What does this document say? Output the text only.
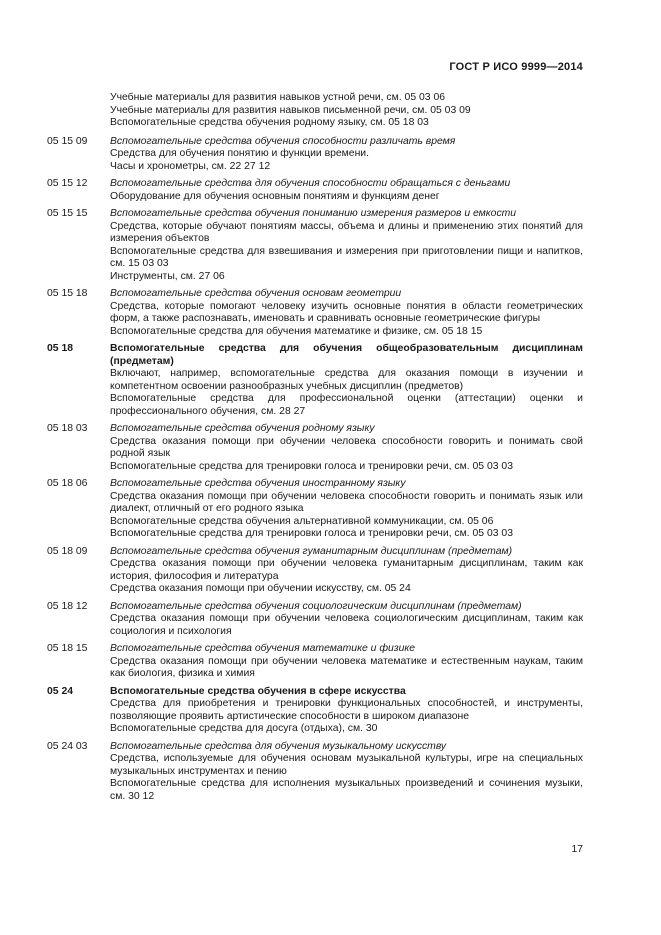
ГОСТ Р ИСО 9999—2014
Учебные материалы для развития навыков устной речи, см. 05 03 06
Учебные материалы для развития навыков письменной речи, см. 05 03 09
Вспомогательные средства обучения родному языку, см. 05 18 03
05 15 09	Вспомогательные средства обучения способности различать время
Средства для обучения понятию и функции времени.
Часы и хронометры, см. 22 27 12
05 15 12	Вспомогательные средства для обучения способности обращаться с деньгами
Оборудование для обучения основным понятиям и функциям денег
05 15 15	Вспомогательные средства обучения пониманию измерения размеров и емкости
Средства, которые обучают понятиям массы, объема и длины и применению этих понятий для измерения объектов
Вспомогательные средства для взвешивания и измерения при приготовлении пищи и напитков, см. 15 03 03
Инструменты, см. 27 06
05 15 18	Вспомогательные средства обучения основам геометрии
Средства, которые помогают человеку изучить основные понятия в области геометрических форм, а также распознавать, именовать и сравнивать основные геометрические фигуры
Вспомогательные средства для обучения математике и физике, см. 05 18 15
05 18	Вспомогательные средства для обучения общеобразовательным дисциплинам (предметам)
Включают, например, вспомогательные средства для оказания помощи в изучении и компетентном освоении разнообразных учебных дисциплин (предметов)
Вспомогательные средства для профессиональной оценки (аттестации) оценки и профессионального обучения, см. 28 27
05 18 03	Вспомогательные средства обучения родному языку
Средства оказания помощи при обучении человека способности говорить и понимать свой родной язык
Вспомогательные средства для тренировки голоса и тренировки речи, см. 05 03 03
05 18 06	Вспомогательные средства обучения иностранному языку
Средства оказания помощи при обучении человека способности говорить и понимать язык или диалект, отличный от его родного языка
Вспомогательные средства обучения альтернативной коммуникации, см. 05 06
Вспомогательные средства для тренировки голоса и тренировки речи, см. 05 03 03
05 18 09	Вспомогательные средства обучения гуманитарным дисциплинам (предметам)
Средства оказания помощи при обучении человека гуманитарным дисциплинам, таким как история, философия и литература
Средства оказания помощи при обучении искусству, см. 05 24
05 18 12	Вспомогательные средства обучения социологическим дисциплинам (предметам)
Средства оказания помощи при обучении человека социологическим дисциплинам, таким как социология и психология
05 18 15	Вспомогательные средства обучения математике и физике
Средства оказания помощи при обучении человека математике и естественным наукам, таким как биология, физика и химия
05 24	Вспомогательные средства обучения в сфере искусства
Средства для приобретения и тренировки функциональных способностей, и инструменты, позволяющие проявить артистические способности в широком диапазоне
Вспомогательные средства для досуга (отдыха), см. 30
05 24 03	Вспомогательные средства для обучения музыкальному искусству
Средства, используемые для обучения основам музыкальной культуры, игре на специальных музыкальных инструментах и пению
Вспомогательные средства для исполнения музыкальных произведений и сочинения музыки, см. 30 12
17
